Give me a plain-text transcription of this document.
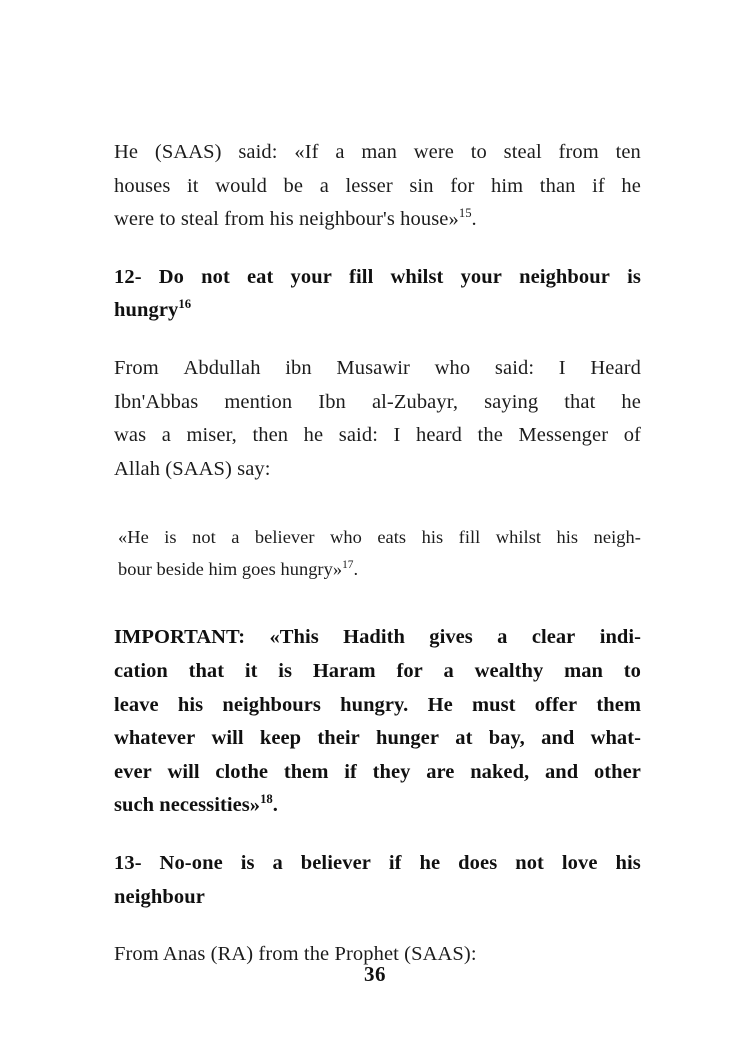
He (SAAS) said: «If a man were to steal from ten
houses it would be a lesser sin for him than if he
were to steal from his neighbour's house»$^{15}$.
12- Do not eat your fill whilst your neighbour is
hungry$^{16}$
From Abdullah ibn Musawir who said: I Heard
Ibn'Abbas mention Ibn al-Zubayr, saying that he
was a miser, then he said: I heard the Messenger of
Allah (SAAS) say:
«He is not a believer who eats his fill whilst his neigh-
bour beside him goes hungry»$^{17}$.
IMPORTANT: «This Hadith gives a clear indi-
cation that it is Haram for a wealthy man to
leave his neighbours hungry. He must offer them
whatever will keep their hunger at bay, and what-
ever will clothe them if they are naked, and other
such necessities»$^{18}$.
13- No-one is a believer if he does not love his
neighbour
From Anas (RA) from the Prophet (SAAS):
36
